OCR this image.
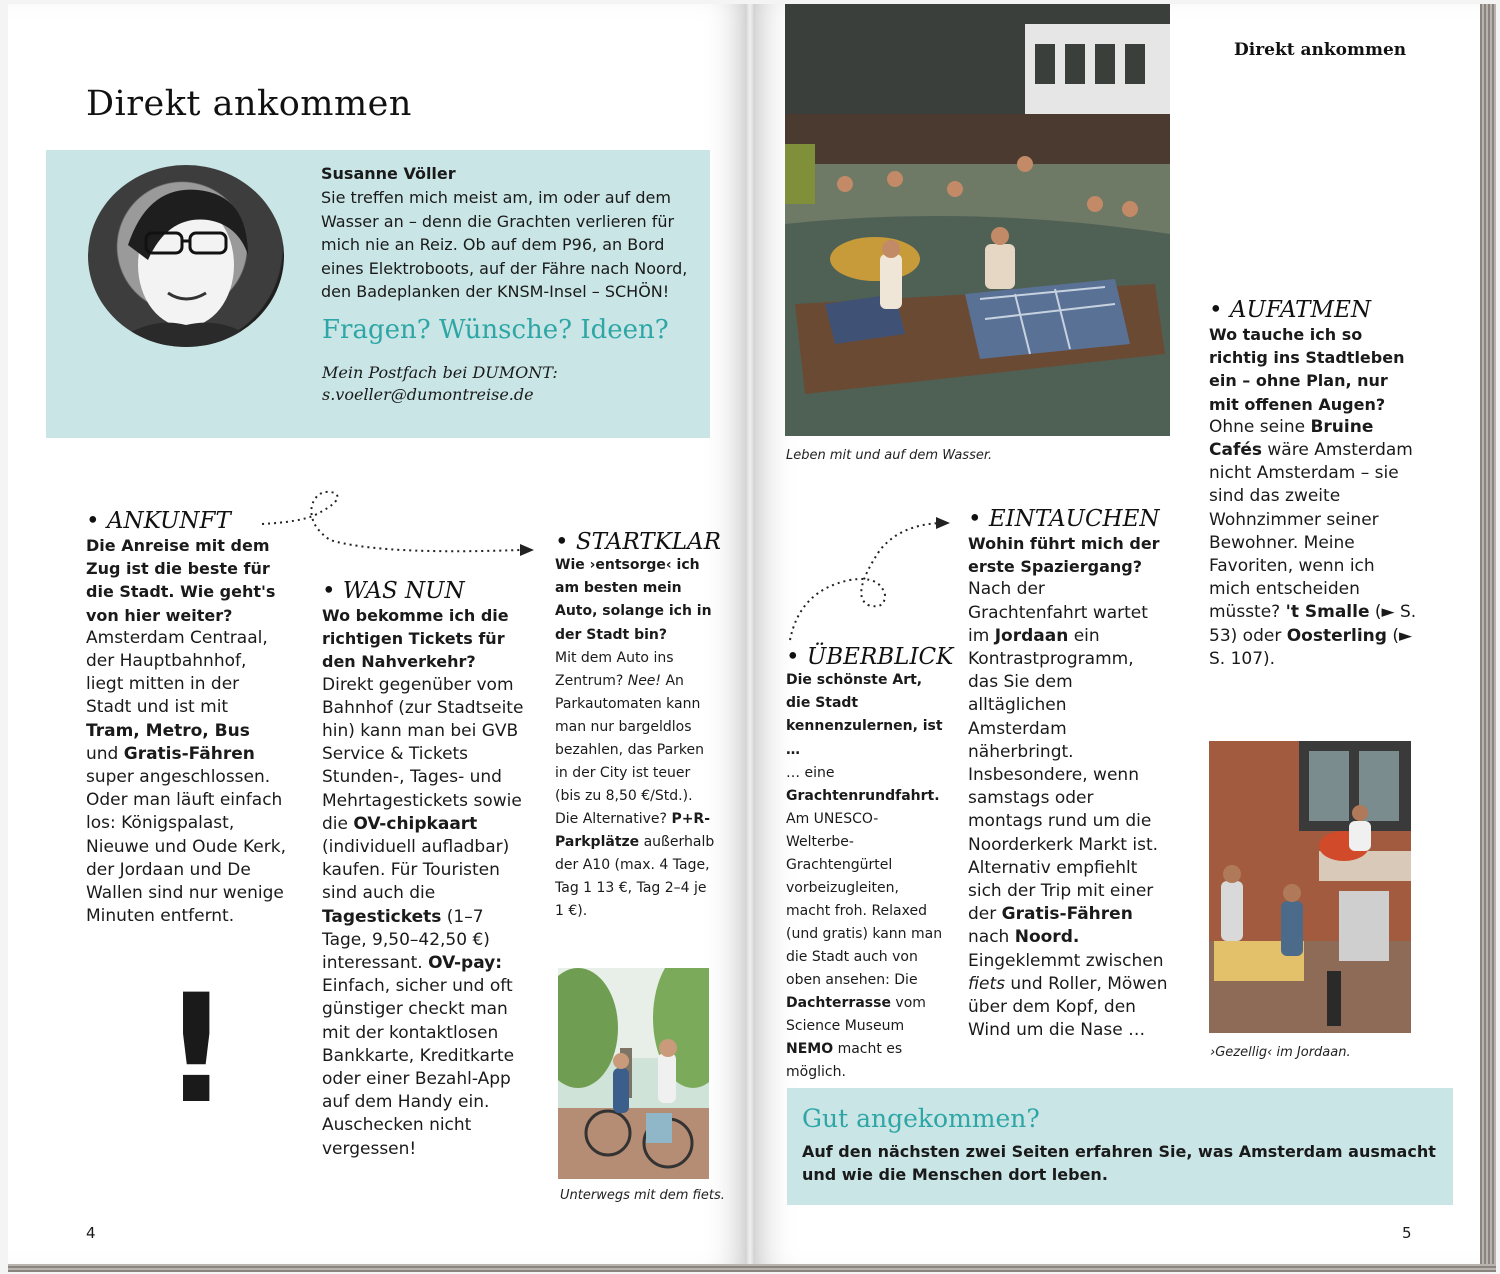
Direkt ankommen
Susanne Völler
Sie treffen mich meist am, im oder auf dem Wasser an – denn die Grachten verlieren für mich nie an Reiz. Ob auf dem P96, an Bord eines Elektroboots, auf der Fähre nach Noord, den Badeplanken der KNSM-Insel – SCHÖN!
Fragen? Wünsche? Ideen?
Mein Postfach bei DUMONT:
s.voeller@dumontreise.de
• ANKUNFT
Die Anreise mit dem Zug ist die beste für die Stadt. Wie geht's von hier weiter?
Amsterdam Centraal, der Hauptbahnhof, liegt mitten in der Stadt und ist mit Tram, Metro, Bus und Gratis-Fähren super angeschlossen. Oder man läuft einfach los: Königspalast, Nieuwe und Oude Kerk, der Jordaan und De Wallen sind nur wenige Minuten entfernt.
!
• WAS NUN
Wo bekomme ich die richtigen Tickets für den Nahverkehr?
Direkt gegenüber vom Bahnhof (zur Stadtseite hin) kann man bei GVB Service & Tickets Stunden-, Tages- und Mehrtagestickets sowie die OV-chipkaart (individuell aufladbar) kaufen. Für Touristen sind auch die Tagestickets (1–7 Tage, 9,50–42,50 €) interessant. OV-pay: Einfach, sicher und oft günstiger checkt man mit der kontaktlosen Bankkarte, Kreditkarte oder einer Bezahl-App auf dem Handy ein. Auschecken nicht vergessen!
• STARTKLAR
Wie ›entsorge‹ ich am besten mein Auto, solange ich in der Stadt bin?
Mit dem Auto ins Zentrum? Nee! An Parkautomaten kann man nur bargeldlos bezahlen, das Parken in der City ist teuer (bis zu 8,50 €/Std.). Die Alternative? P+R-Parkplätze außerhalb der A10 (max. 4 Tage, Tag 1 13 €, Tag 2–4 je 1 €).
Unterwegs mit dem fiets.
4
Direkt ankommen
Leben mit und auf dem Wasser.
• ÜBERBLICK
Die schönste Art, die Stadt kennenzulernen, ist …
… eine Grachtenrundfahrt. Am UNESCO-Welterbe-Grachtengürtel vorbeizugleiten, macht froh. Relaxed (und gratis) kann man die Stadt auch von oben ansehen: Die Dachterrasse vom Science Museum NEMO macht es möglich.
• EINTAUCHEN
Wohin führt mich der erste Spaziergang?
Nach der Grachtenfahrt wartet im Jordaan ein Kontrastprogramm, das Sie dem alltäglichen Amsterdam näherbringt. Insbesondere, wenn samstags oder montags rund um die Noorderkerk Markt ist. Alternativ empfiehlt sich der Trip mit einer der Gratis-Fähren nach Noord. Eingeklemmt zwischen fiets und Roller, Möwen über dem Kopf, den Wind um die Nase …
• AUFATMEN
Wo tauche ich so richtig ins Stadtleben ein – ohne Plan, nur mit offenen Augen?
Ohne seine Bruine Cafés wäre Amsterdam nicht Amsterdam – sie sind das zweite Wohnzimmer seiner Bewohner. Meine Favoriten, wenn ich mich entscheiden müsste? 't Smalle (► S. 53) oder Oosterling (► S. 107).
›Gezellig‹ im Jordaan.
Gut angekommen?
Auf den nächsten zwei Seiten erfahren Sie, was Amsterdam ausmacht und wie die Menschen dort leben.
5
